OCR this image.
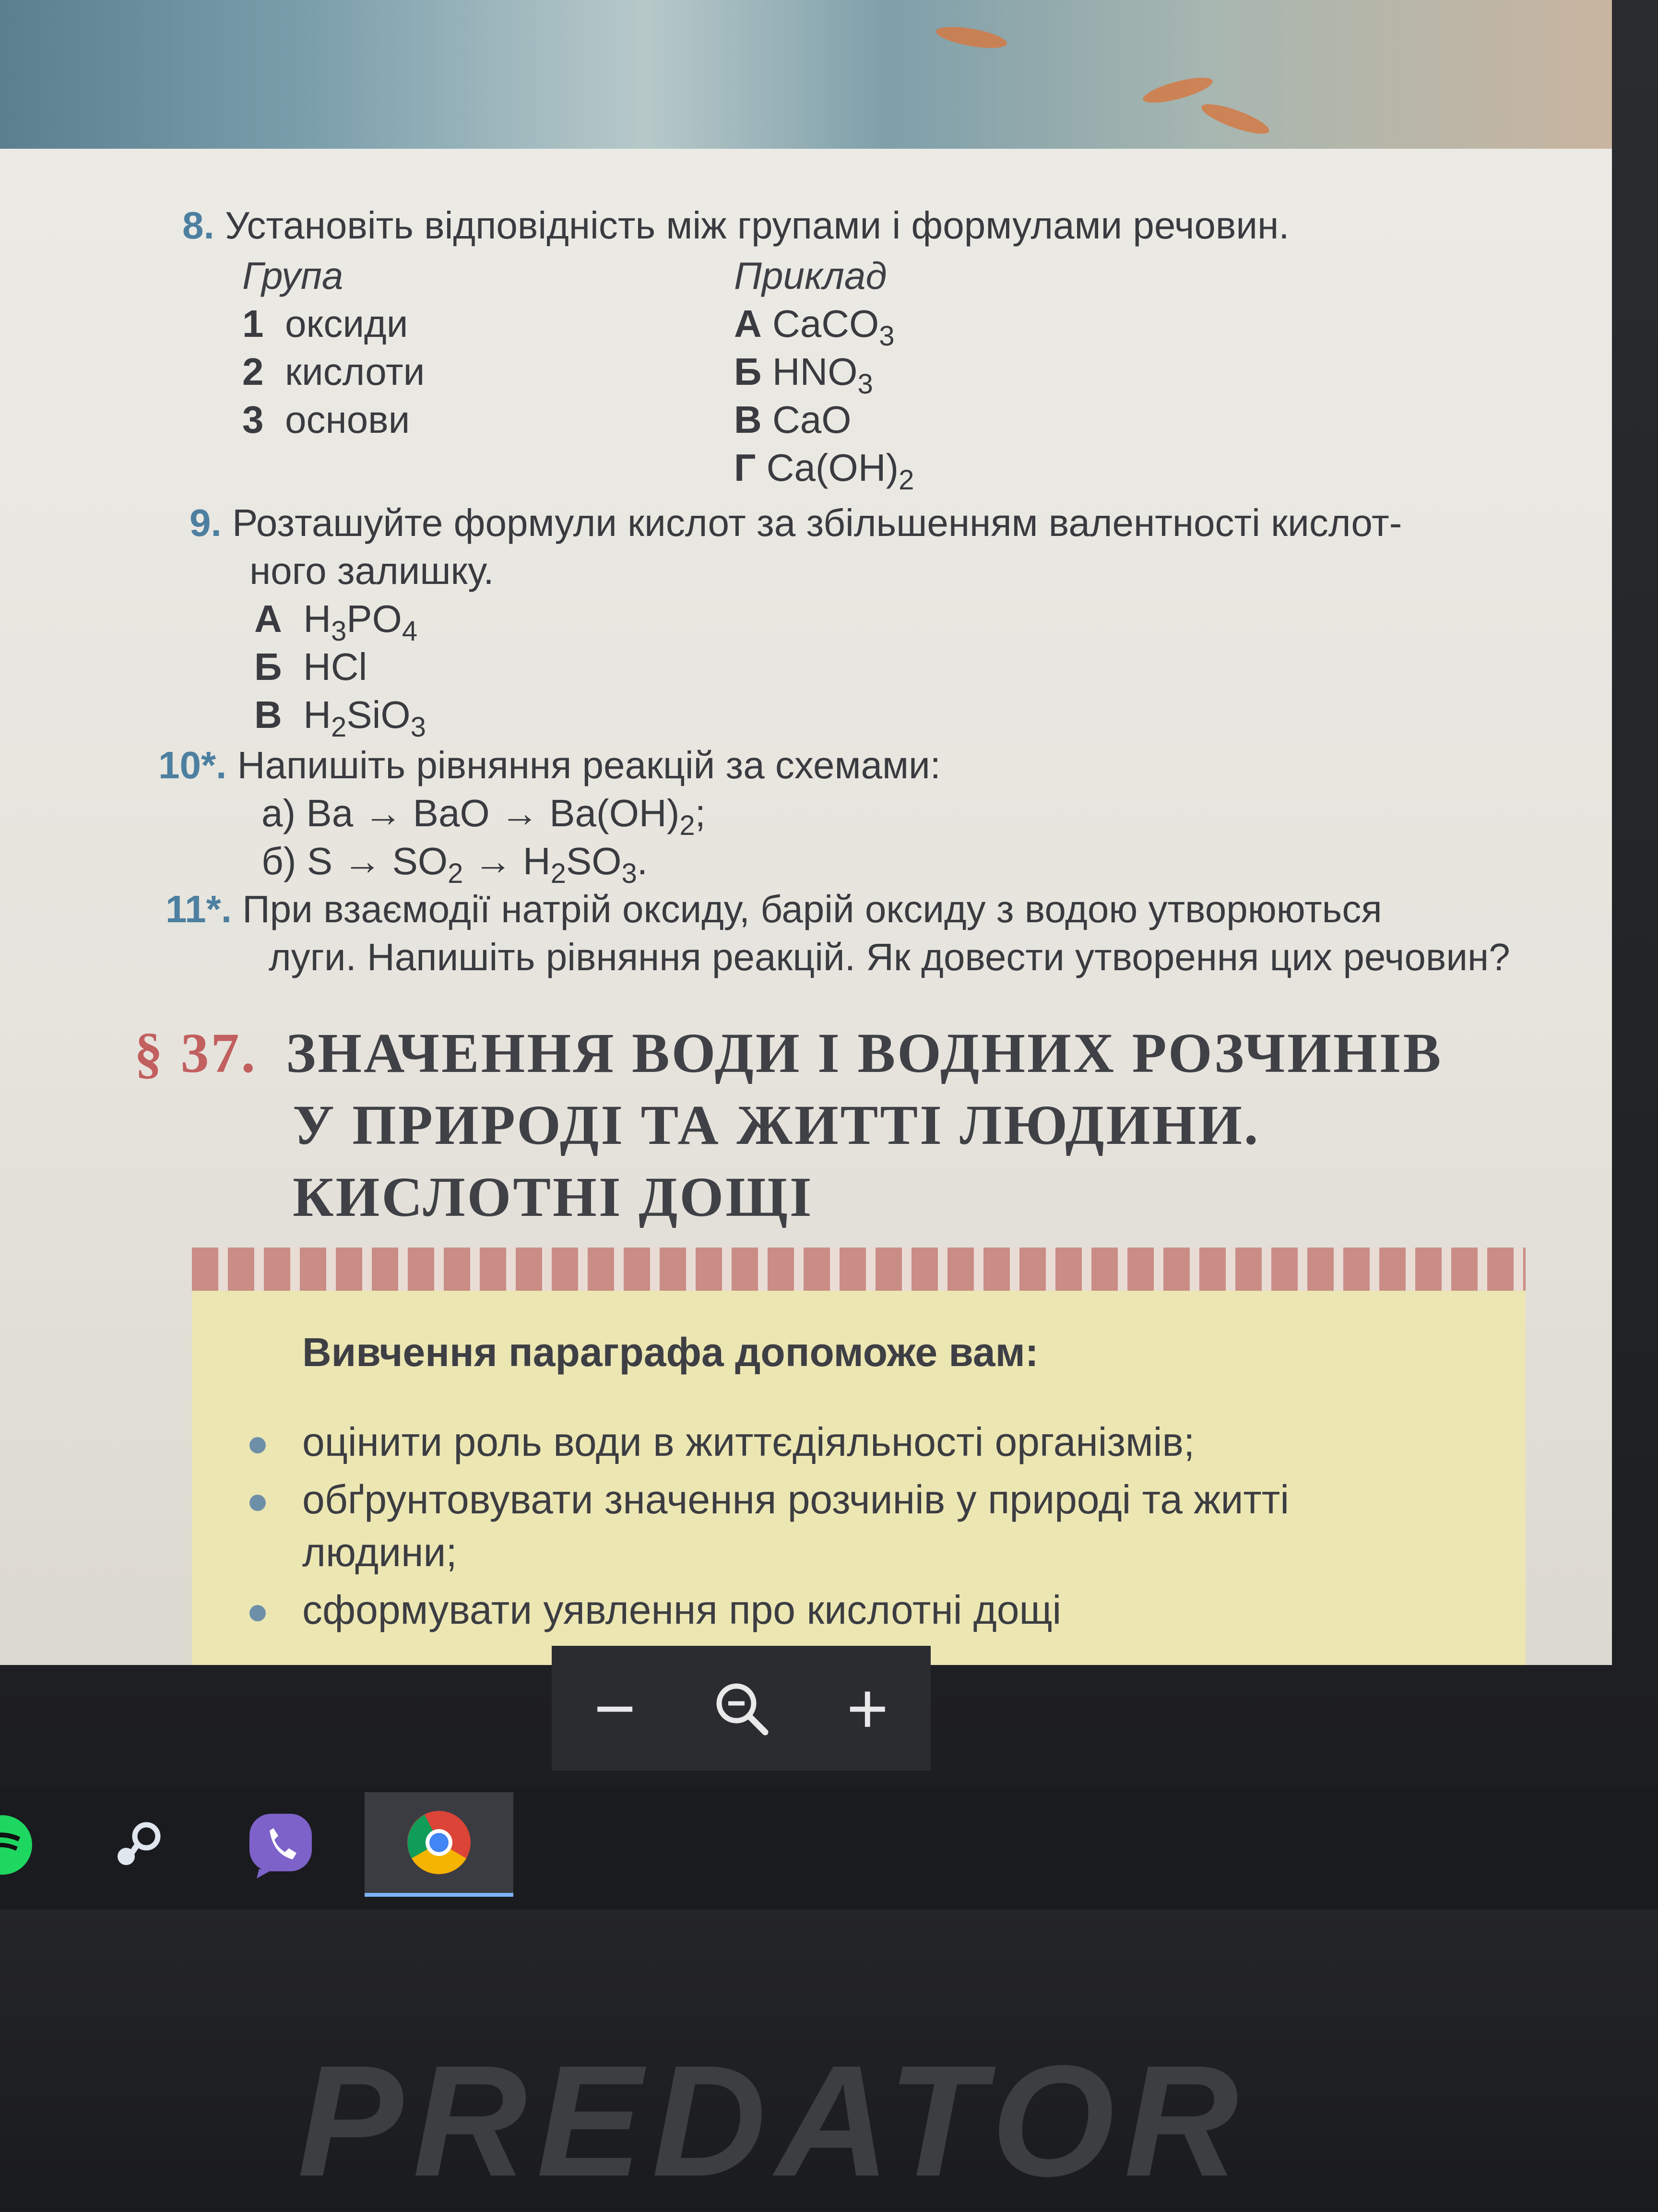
8. Установіть відповідність між групами і формулами речовин.
Група	Приклад
1 оксиди
2 кислоти
3 основи
А CaCO$_3$
Б $HNO_3$
В CaO
Г $Ca(OH)_2$
9. Розташуйте формули кислот за збільшенням валентності кислот-
ного залишку.
А $H_3PO_4$
Б HCl
В $H_2SiO_3$
10*. Напишіть рівняння реакцій за схемами:
а) Ba → BaO → $Ba(OH)_2$;
б) $S \to SO_2 \to H_2SO_3$.
11*. При взаємодії натрій оксиду, барій оксиду з водою утворюються
луги. Напишіть рівняння реакцій. Як довести утворення цих речовин?
§ 37. ЗНАЧЕННЯ ВОДИ І ВОДНИХ РОЗЧИНІВ
У ПРИРОДІ ТА ЖИТТІ ЛЮДИНИ.
КИСЛОТНІ ДОЩІ
Вивчення параграфа допоможе вам:
оцінити роль води в життєдіяльності організмів;
обґрунтовувати значення розчинів у природі та житті
людини;
сформувати уявлення про кислотні дощі
−	+
PREDATOR
